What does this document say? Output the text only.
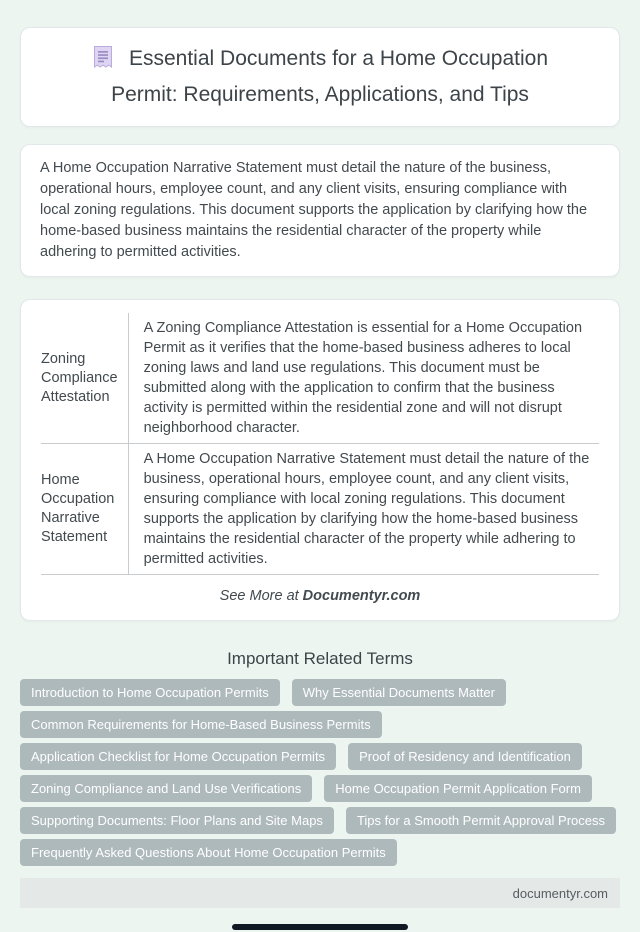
Essential Documents for a Home Occupation Permit: Requirements, Applications, and Tips

A Home Occupation Narrative Statement must detail the nature of the business, operational hours, employee count, and any client visits, ensuring compliance with local zoning regulations. This document supports the application by clarifying how the home-based business maintains the residential character of the property while adhering to permitted activities.

Zoning Compliance Attestation	A Zoning Compliance Attestation is essential for a Home Occupation Permit as it verifies that the home-based business adheres to local zoning laws and land use regulations. This document must be submitted along with the application to confirm that the business activity is permitted within the residential zone and will not disrupt neighborhood character.
Home Occupation Narrative Statement	A Home Occupation Narrative Statement must detail the nature of the business, operational hours, employee count, and any client visits, ensuring compliance with local zoning regulations. This document supports the application by clarifying how the home-based business maintains the residential character of the property while adhering to permitted activities.

See More at Documentyr.com

Important Related Terms
Introduction to Home Occupation Permits	Why Essential Documents Matter
Common Requirements for Home-Based Business Permits
Application Checklist for Home Occupation Permits	Proof of Residency and Identification
Zoning Compliance and Land Use Verifications	Home Occupation Permit Application Form
Supporting Documents: Floor Plans and Site Maps	Tips for a Smooth Permit Approval Process
Frequently Asked Questions About Home Occupation Permits
documentyr.com
